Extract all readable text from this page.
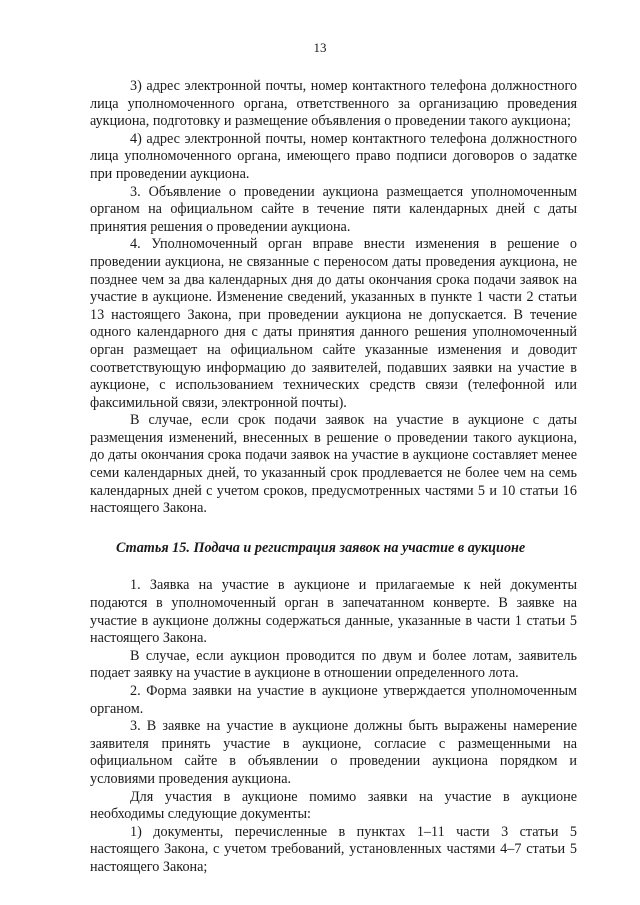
13

3) адрес электронной почты, номер контактного телефона должностного лица уполномоченного органа, ответственного за организацию проведения аукциона, подготовку и размещение объявления о проведении такого аукциона;

4) адрес электронной почты, номер контактного телефона должностного лица уполномоченного органа, имеющего право подписи договоров о задатке при проведении аукциона.

3. Объявление о проведении аукциона размещается уполномоченным органом на официальном сайте в течение пяти календарных дней с даты принятия решения о проведении аукциона.

4. Уполномоченный орган вправе внести изменения в решение о проведении аукциона, не связанные с переносом даты проведения аукциона, не позднее чем за два календарных дня до даты окончания срока подачи заявок на участие в аукционе. Изменение сведений, указанных в пункте 1 части 2 статьи 13 настоящего Закона, при проведении аукциона не допускается. В течение одного календарного дня с даты принятия данного решения уполномоченный орган размещает на официальном сайте указанные изменения и доводит соответствующую информацию до заявителей, подавших заявки на участие в аукционе, с использованием технических средств связи (телефонной или факсимильной связи, электронной почты).

В случае, если срок подачи заявок на участие в аукционе с даты размещения изменений, внесенных в решение о проведении такого аукциона, до даты окончания срока подачи заявок на участие в аукционе составляет менее семи календарных дней, то указанный срок продлевается не более чем на семь календарных дней с учетом сроков, предусмотренных частями 5 и 10 статьи 16 настоящего Закона.

Статья 15. Подача и регистрация заявок на участие в аукционе

1. Заявка на участие в аукционе и прилагаемые к ней документы подаются в уполномоченный орган в запечатанном конверте. В заявке на участие в аукционе должны содержаться данные, указанные в части 1 статьи 5 настоящего Закона.

В случае, если аукцион проводится по двум и более лотам, заявитель подает заявку на участие в аукционе в отношении определенного лота.

2. Форма заявки на участие в аукционе утверждается уполномоченным органом.

3. В заявке на участие в аукционе должны быть выражены намерение заявителя принять участие в аукционе, согласие с размещенными на официальном сайте в объявлении о проведении аукциона порядком и условиями проведения аукциона.

Для участия в аукционе помимо заявки на участие в аукционе необходимы следующие документы:

1) документы, перечисленные в пунктах 1–11 части 3 статьи 5 настоящего Закона, с учетом требований, установленных частями 4–7 статьи 5 настоящего Закона;
